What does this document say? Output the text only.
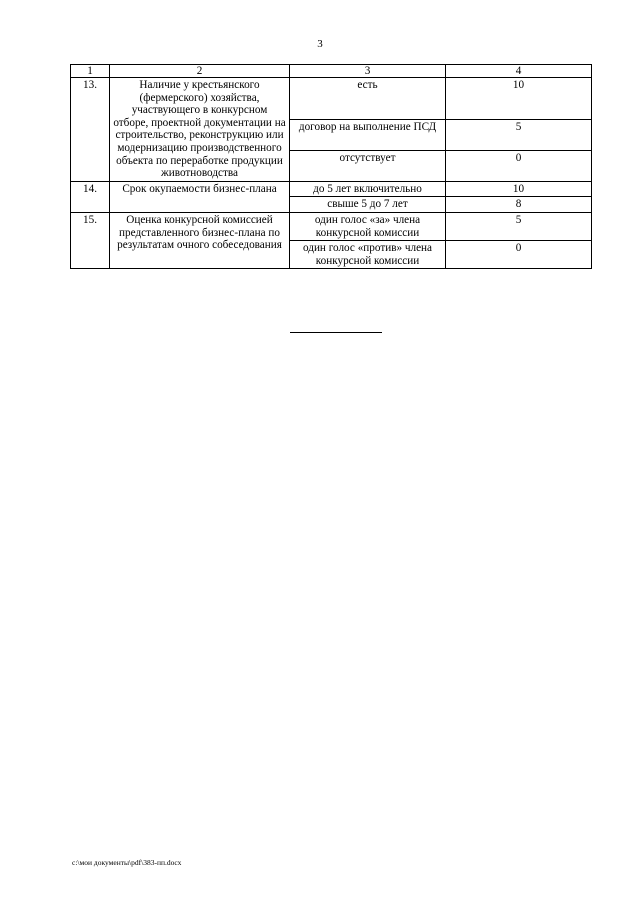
3
1	2	3	4
13.	Наличие у крестьянского (фермерского) хозяйства, участвующего в конкурсном отборе, проектной документации на строительство, реконструкцию или модернизацию производственного объекта по переработке продукции животноводства	есть	10
		договор на выполнение ПСД	5
		отсутствует	0
14.	Срок окупаемости бизнес-плана	до 5 лет включительно	10
		свыше 5 до 7 лет	8
15.	Оценка конкурсной комиссией представленного бизнес-плана по результатам очного собеседования	один голос «за» члена конкурсной комиссии	5
		один голос «против» члена конкурсной комиссии	0
c:\мои документы\pdf\383-пп.docx
